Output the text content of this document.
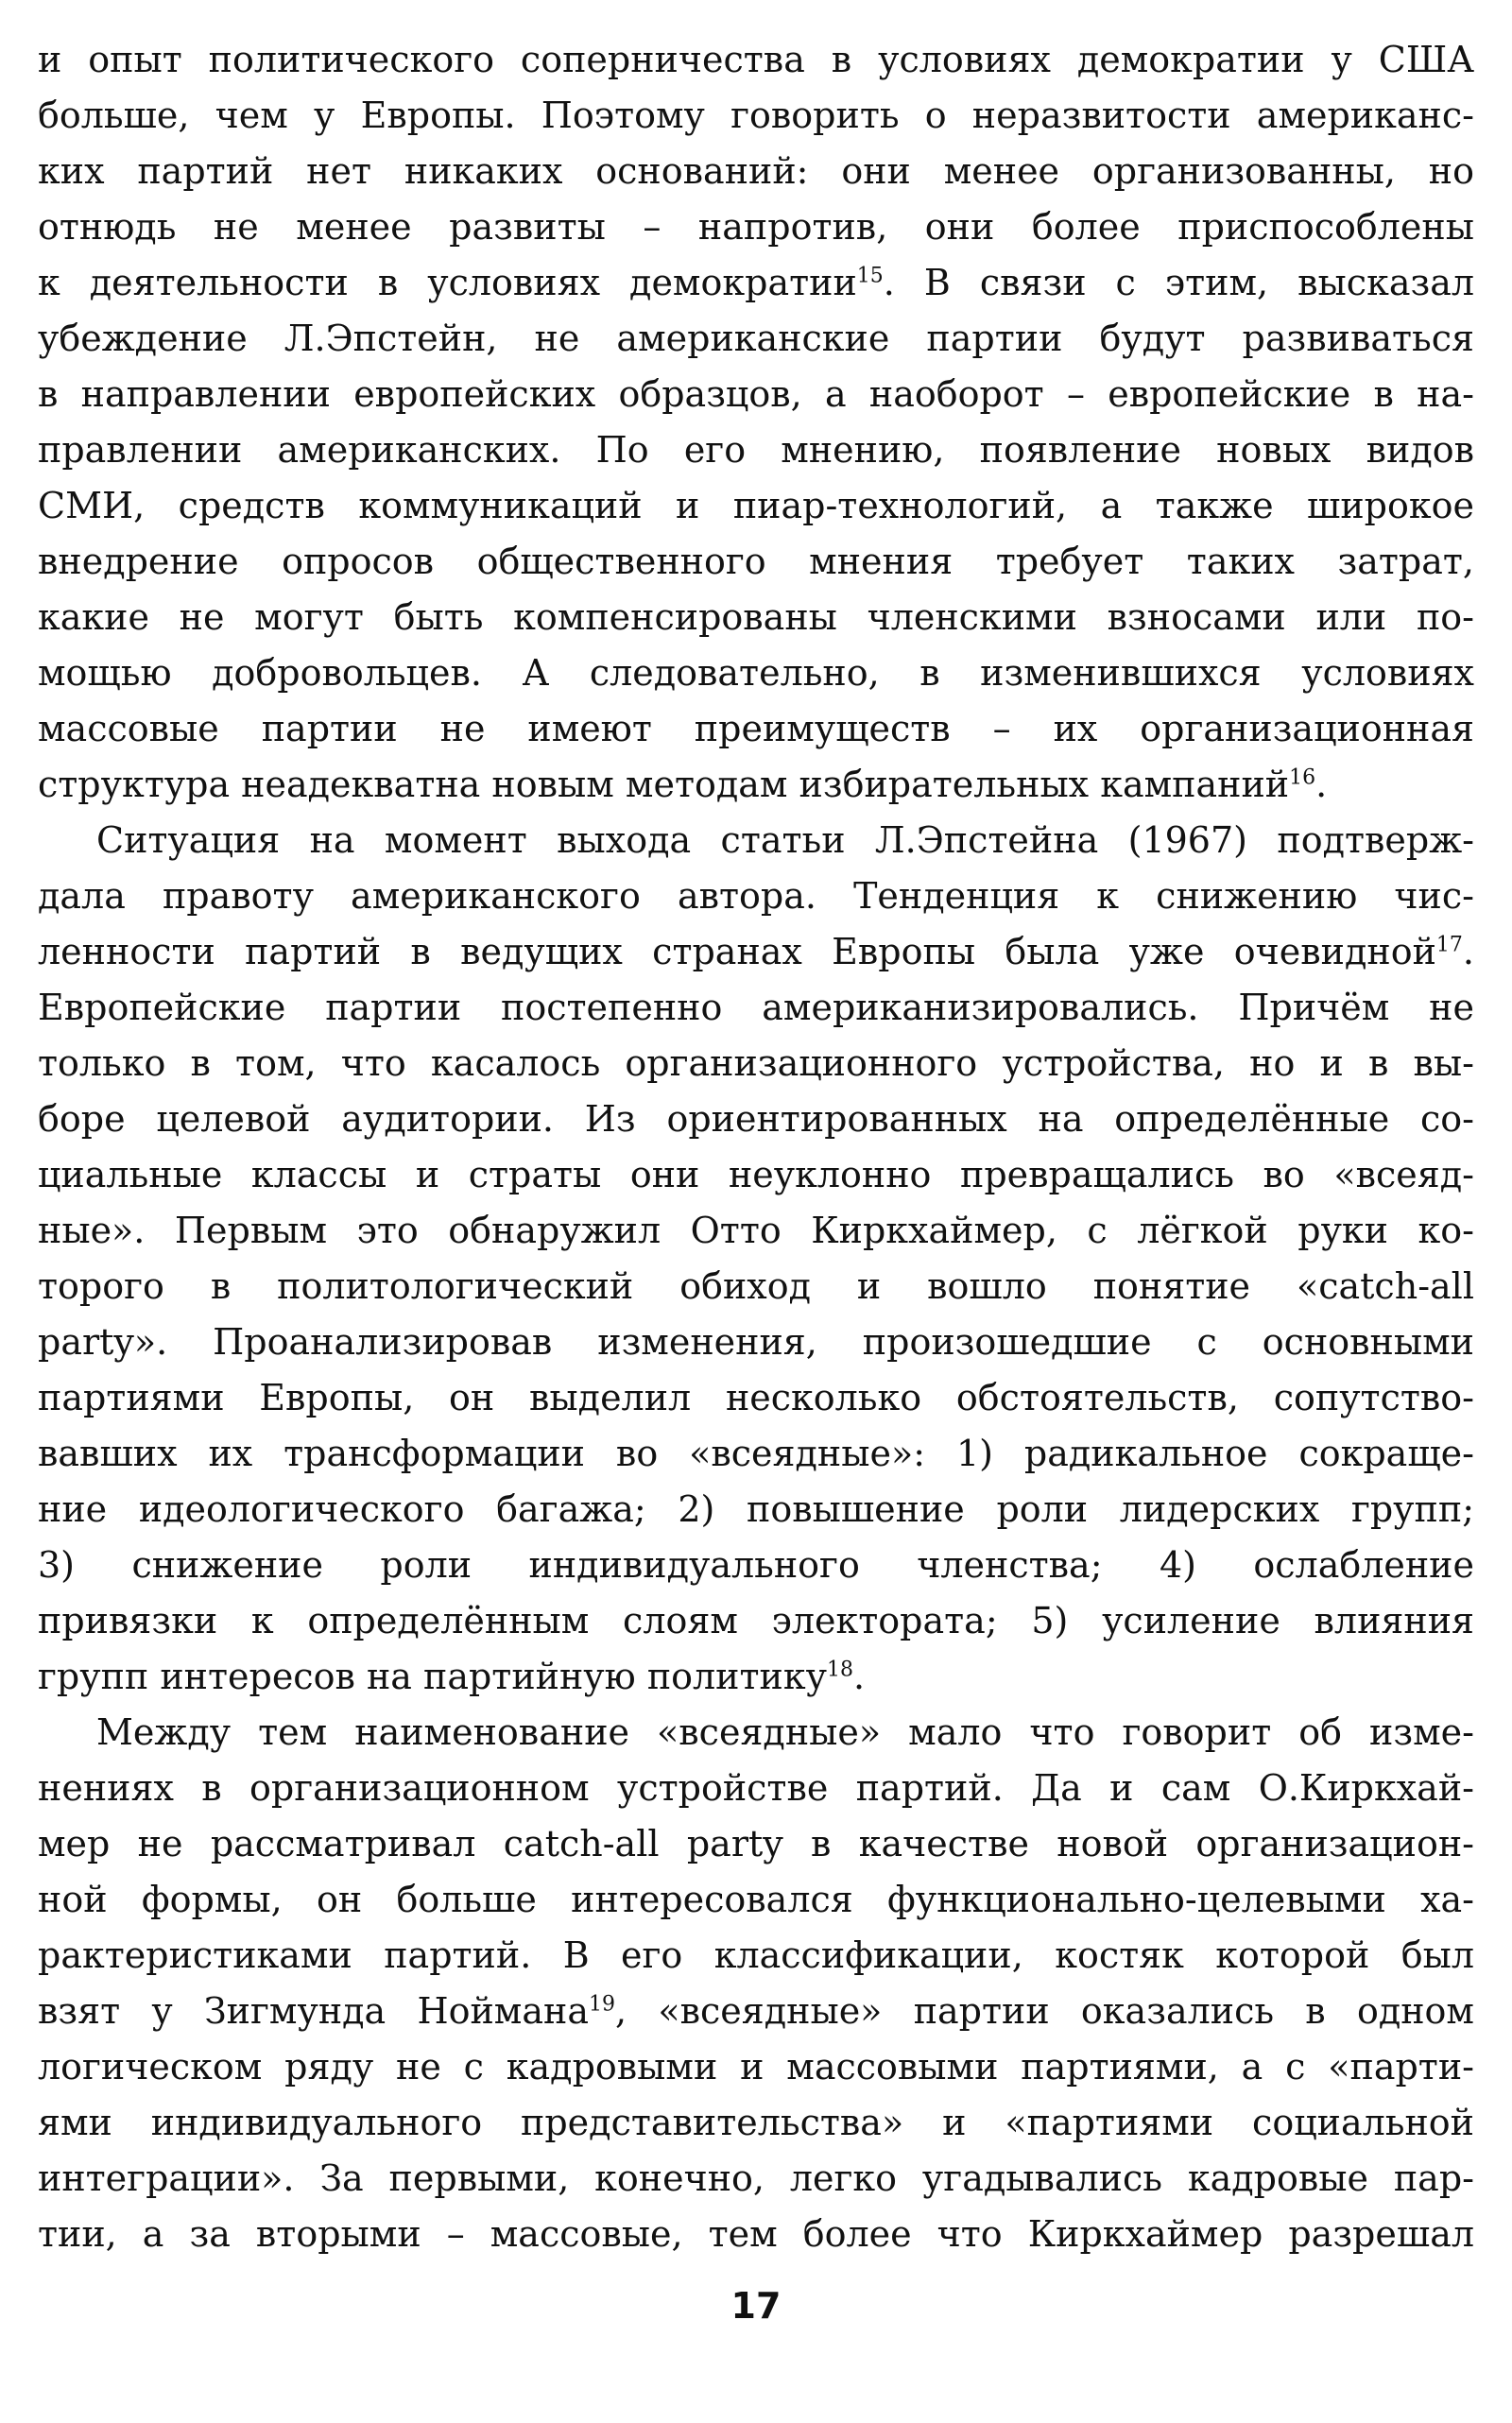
и опыт политического соперничества в условиях демократии у США
больше, чем у Европы. Поэтому говорить о неразвитости американс-
ких партий нет никаких оснований: они менее организованны, но
отнюдь не менее развиты – напротив, они более приспособлены
к деятельности в условиях демократии$^{15}$. В связи с этим, высказал
убеждение Л.Эпстейн, не американские партии будут развиваться
в направлении европейских образцов, а наоборот – европейские в на-
правлении американских. По его мнению, появление новых видов
СМИ, средств коммуникаций и пиар-технологий, а также широкое
внедрение опросов общественного мнения требует таких затрат,
какие не могут быть компенсированы членскими взносами или по-
мощью добровольцев. А следовательно, в изменившихся условиях
массовые партии не имеют преимуществ – их организационная
структура неадекватна новым методам избирательных кампаний$^{16}$.
Ситуация на момент выхода статьи Л.Эпстейна (1967) подтверж-
дала правоту американского автора. Тенденция к снижению чис-
ленности партий в ведущих странах Европы была уже очевидной$^{17}$.
Европейские партии постепенно американизировались. Причём не
только в том, что касалось организационного устройства, но и в вы-
боре целевой аудитории. Из ориентированных на определённые со-
циальные классы и страты они неуклонно превращались во «всеяд-
ные». Первым это обнаружил Отто Киркхаймер, с лёгкой руки ко-
торого в политологический обиход и вошло понятие «catch-all
party». Проанализировав изменения, произошедшие с основными
партиями Европы, он выделил несколько обстоятельств, сопутство-
вавших их трансформации во «всеядные»: 1) радикальное сокраще-
ние идеологического багажа; 2) повышение роли лидерских групп;
3) снижение роли индивидуального членства; 4) ослабление
привязки к определённым слоям электората; 5) усиление влияния
групп интересов на партийную политику$^{18}$.
Между тем наименование «всеядные» мало что говорит об изме-
нениях в организационном устройстве партий. Да и сам О.Киркхай-
мер не рассматривал catch-all party в качестве новой организацион-
ной формы, он больше интересовался функционально-целевыми ха-
рактеристиками партий. В его классификации, костяк которой был
взят у Зигмунда Ноймана$^{19}$, «всеядные» партии оказались в одном
логическом ряду не с кадровыми и массовыми партиями, а с «парти-
ями индивидуального представительства» и «партиями социальной
интеграции». За первыми, конечно, легко угадывались кадровые пар-
тии, а за вторыми – массовые, тем более что Киркхаймер разрешал
17
